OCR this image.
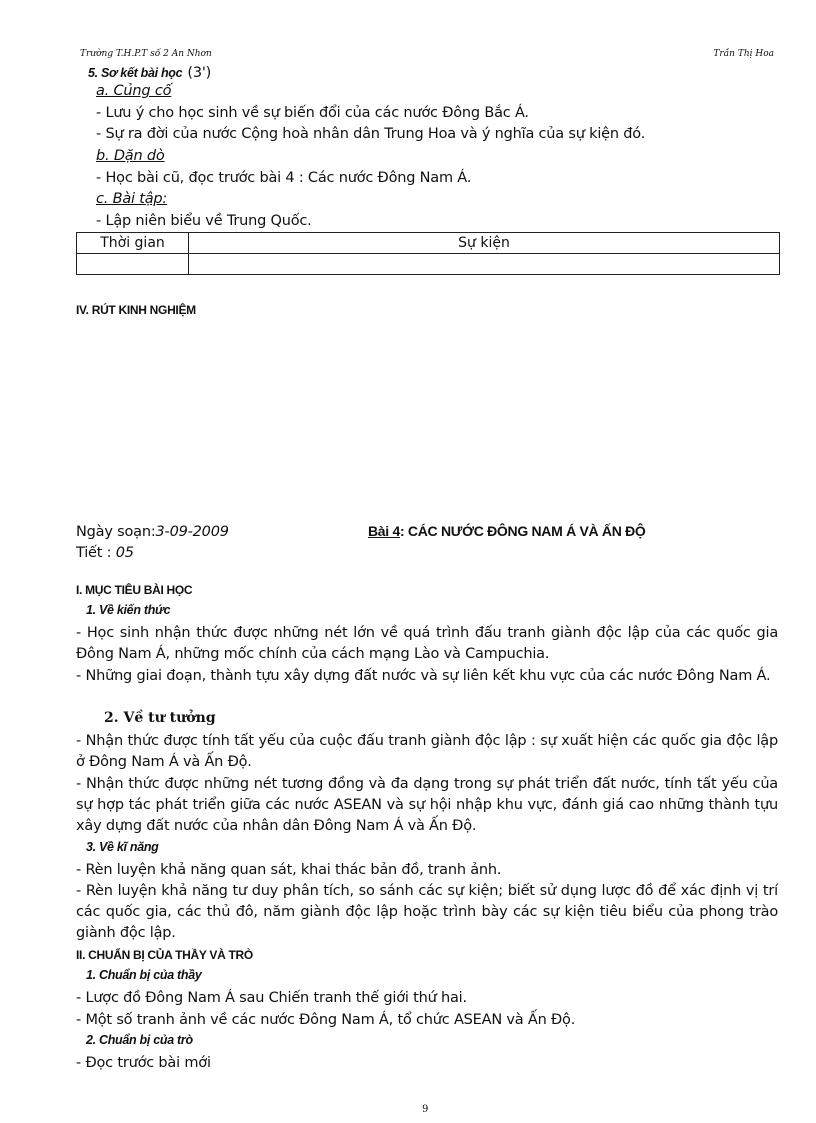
Trường T.H.P.T số 2 An Nhơn	Trần Thị Hoa
5. Sơ kết bài học (3')
a. Củng cố
- Lưu ý cho học sinh về sự biến đổi của các nước Đông Bắc Á.
- Sự ra đời của nước Cộng hoà nhân dân Trung Hoa và ý nghĩa của sự kiện đó.
b. Dặn dò
- Học bài cũ, đọc trước bài 4 : Các nước Đông Nam Á.
c. Bài tập:
- Lập niên biểu về Trung Quốc.
Thời gian	Sự kiện

IV. RÚT KINH NGHIỆM
Ngày soạn:3-09-2009
Tiết : 05
Bài 4: CÁC NƯỚC ĐÔNG NAM Á VÀ ẤN ĐỘ
I. MỤC TIÊU BÀI HỌC
1. Về kiến thức
- Học sinh nhận thức được những nét lớn về quá trình đấu tranh giành độc lập của các quốc gia Đông Nam Á, những mốc chính của cách mạng Lào và Campuchia.
- Những giai đoạn, thành tựu xây dựng đất nước và sự liên kết khu vực của các nước Đông Nam Á.
2. Về tư tưởng
- Nhận thức được tính tất yếu của cuộc đấu tranh giành độc lập : sự xuất hiện các quốc gia độc lập ở Đông Nam Á và Ấn Độ.
- Nhận thức được những nét tương đồng và đa dạng trong sự phát triển đất nước, tính tất yếu của sự hợp tác phát triển giữa các nước ASEAN và sự hội nhập khu vực, đánh giá cao những thành tựu xây dựng đất nước của nhân dân Đông Nam Á và Ấn Độ.
3. Về kĩ năng
- Rèn luyện khả năng quan sát, khai thác bản đồ, tranh ảnh.
- Rèn luyện khả năng tư duy phân tích, so sánh các sự kiện; biết sử dụng lược đồ để xác định vị trí các quốc gia, các thủ đô, năm giành độc lập hoặc trình bày các sự kiện tiêu biểu của phong trào giành độc lập.
II. CHUẨN BỊ CỦA THẦY VÀ TRÒ
1. Chuẩn bị của thầy
- Lược đồ Đông Nam Á sau Chiến tranh thế giới thứ hai.
- Một số tranh ảnh về các nước Đông Nam Á, tổ chức ASEAN và Ấn Độ.
2. Chuẩn bị của trò
- Đọc trước bài mới
9
